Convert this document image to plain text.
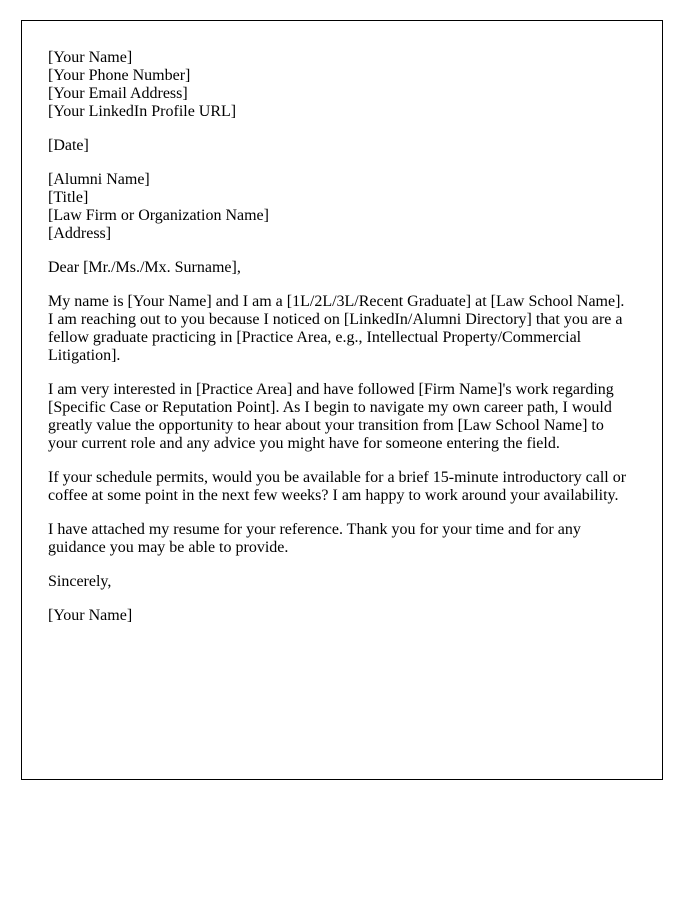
[Your Name]
[Your Phone Number]
[Your Email Address]
[Your LinkedIn Profile URL]

[Date]

[Alumni Name]
[Title]
[Law Firm or Organization Name]
[Address]

Dear [Mr./Ms./Mx. Surname],

My name is [Your Name] and I am a [1L/2L/3L/Recent Graduate] at [Law School Name]. I am reaching out to you because I noticed on [LinkedIn/Alumni Directory] that you are a fellow graduate practicing in [Practice Area, e.g., Intellectual Property/Commercial Litigation].

I am very interested in [Practice Area] and have followed [Firm Name]'s work regarding [Specific Case or Reputation Point]. As I begin to navigate my own career path, I would greatly value the opportunity to hear about your transition from [Law School Name] to your current role and any advice you might have for someone entering the field.

If your schedule permits, would you be available for a brief 15-minute introductory call or coffee at some point in the next few weeks? I am happy to work around your availability.

I have attached my resume for your reference. Thank you for your time and for any guidance you may be able to provide.

Sincerely,

[Your Name]
